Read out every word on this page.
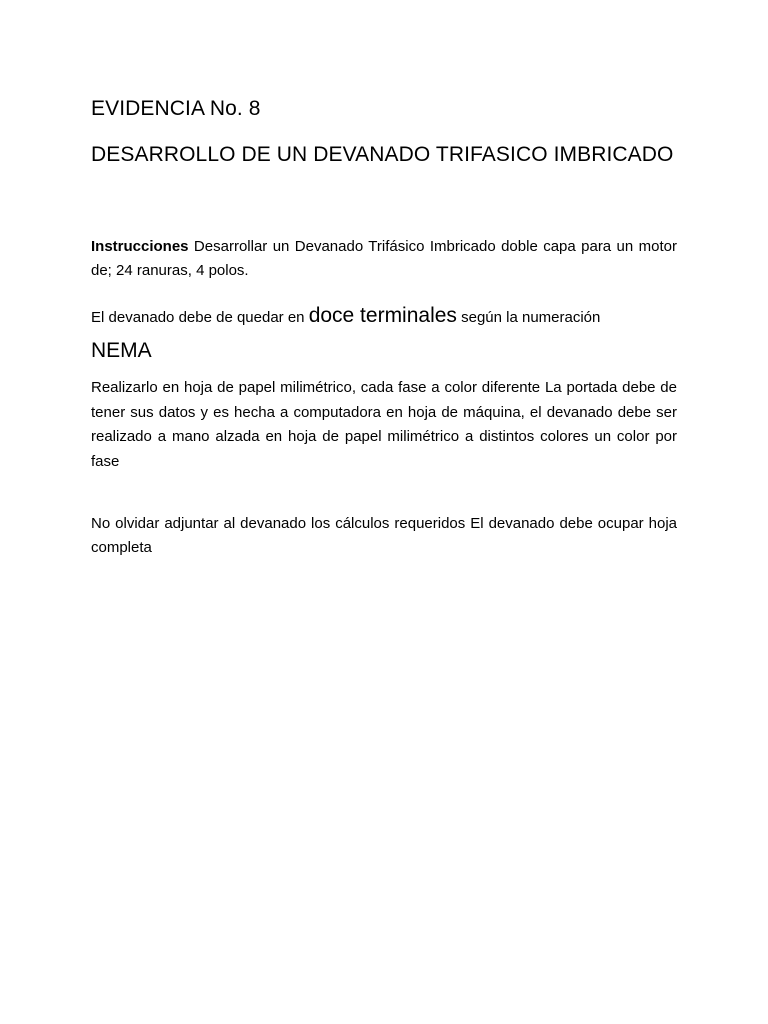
EVIDENCIA No. 8
DESARROLLO DE UN DEVANADO TRIFASICO IMBRICADO

Instrucciones Desarrollar un Devanado Trifásico Imbricado doble capa para un motor de; 24 ranuras, 4 polos.

El devanado debe de quedar en doce terminales según la numeración
NEMA

Realizarlo en hoja de papel milimétrico, cada fase a color diferente La portada debe de tener sus datos y es hecha a computadora en hoja de máquina, el devanado debe ser realizado a mano alzada en hoja de papel milimétrico a distintos colores un color por fase

No olvidar adjuntar al devanado los cálculos requeridos El devanado debe ocupar hoja completa
